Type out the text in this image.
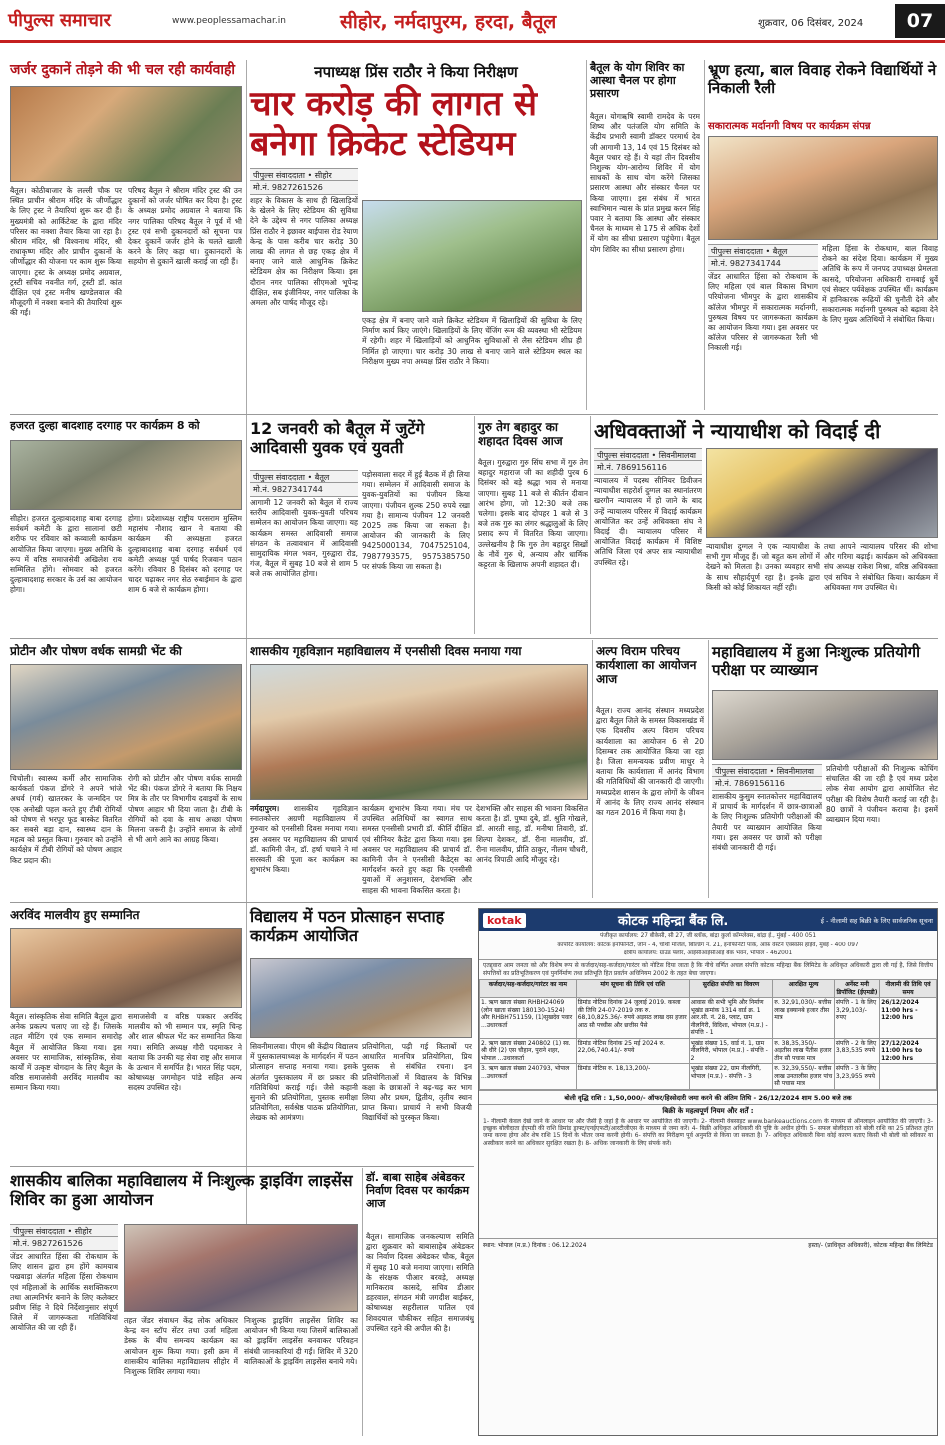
पीपुल्स समाचार	www.peoplessamachar.in	सीहोर, नर्मदापुरम, हरदा, बैतूल	शुक्रवार, 06 दिसंबर, 2024	07
जर्जर दुकानें तोड़ने की भी चल रही कार्यवाही
बैतूल। कोठीबाजार के लल्ली चौक पर स्थित प्राचीन श्रीराम मंदिर के जीर्णोद्धार के लिए ट्रस्ट ने तैयारियां शुरू कर दी हैं। मुख्यमंत्री को आर्किटेक्ट के द्वारा मंदिर परिसर का नक्शा तैयार किया जा रहा है। श्रीराम मंदिर, श्री विश्वनाथ मंदिर, श्री राधाकृष्ण मंदिर और प्राचीन दुकानों के जीर्णोद्धार की योजना पर काम शुरू किया जाएगा। ट्रस्ट के अध्यक्ष प्रमोद अग्रवाल, ट्रस्टी सचिव नवनीत गर्ग, ट्रस्टी डॉ. कांत दीक्षित एवं ट्रस्ट मनीष खण्डेलवाल की मौजूदगी में नक्शा बनाने की तैयारियां शुरू की गईं।
परिषद बैतूल ने श्रीराम मंदिर ट्रस्ट की उन दुकानों को जर्जर घोषित कर दिया है। ट्रस्ट के अध्यक्ष प्रमोद अग्रवाल ने बताया कि नगर पालिका परिषद बैतूल ने पूर्व में भी ट्रस्ट एवं सभी दुकानदारों को सूचना पत्र देकर दुकानें जर्जर होने के चलते खाली करने के लिए कहा था। दुकानदारों के सहयोग से दुकानें खाली कराई जा रही हैं।
नपाध्यक्ष प्रिंस राठौर ने किया निरीक्षण
चार करोड़ की लागत से बनेगा क्रिकेट स्टेडियम
पीपुल्स संवाददाता • सीहोर
मो.नं. 9827261526
शहर के विकास के साथ ही खिलाड़ियों के खेलने के लिए स्टेडियम की सुविधा देने के उद्देश्य से नगर पालिका अध्यक्ष प्रिंस राठौर ने इछावर बाईपास रोड रेयाण केन्द्र के पास करीब चार करोड़ 30 लाख की लागत से छह एकड़ क्षेत्र में बनाए जाने वाले आधुनिक क्रिकेट स्टेडियम क्षेत्र का निरीक्षण किया। इस दौरान नगर पालिका सीएमओ भूपेन्द्र दीक्षित, सब इंजीनियर, नगर पालिका के अमला और पार्षद मौजूद रहे।
एकड़ क्षेत्र में बनाए जाने वाले क्रिकेट स्टेडियम में खिलाड़ियों की सुविधा के लिए निर्माण कार्य किए जाएंगे। खिलाड़ियों के लिए चेंजिंग रूम की व्यवस्था भी स्टेडियम में रहेगी। शहर में खिलाड़ियों को आधुनिक सुविधाओं से लैस स्टेडियम शीघ्र ही निर्मित हो जाएगा। चार करोड़ 30 लाख से बनाए जाने वाले स्टेडियम स्थल का निरीक्षण मुख्य नपा अध्यक्ष प्रिंस राठौर ने किया।
बैतूल के योग शिविर का आस्था चैनल पर होगा प्रसारण
बैतूल। योगऋषि स्वामी रामदेव के परम शिष्य और पतंजलि योग समिति के केंद्रीय प्रभारी स्वामी डॉक्टर परमार्थ देव जी आगामी 13, 14 एवं 15 दिसंबर को बैतूल पधार रहे हैं। ये यहां तीन दिवसीय निशुल्क योग-आरोग्य शिविर में योग साधकों के साथ योग करेंगे जिसका प्रसारण आस्था और संस्कार चैनल पर किया जाएगा। इस संबंध में भारत स्वाभिमान न्यास के प्रांत प्रमुख करन सिंह पवार ने बताया कि आस्था और संस्कार चैनल के माध्यम से 175 से अधिक देशों में योग का सीधा प्रसारण पहुंचेगा। बैतूल योग शिविर का सीधा प्रसारण होगा।
भ्रूण हत्या, बाल विवाह रोकने विद्यार्थियों ने निकाली रैली
सकारात्मक मर्दानगी विषय पर कार्यक्रम संपन्न
पीपुल्स संवाददाता • बैतूल
मो.नं. 9827341744
जेंडर आधारित हिंसा को रोकथाम के लिए महिला एवं बाल विकास विभाग परियोजना भीमपुर के द्वारा शासकीय कॉलेज भीमपुर में सकारात्मक मर्दानगी, पुरुषत्व विषय पर जागरूकता कार्यक्रम का आयोजन किया गया। इस अवसर पर कॉलेज परिसर से जागरूकता रैली भी निकाली गई।
महिला हिंसा के रोकथाम, बाल विवाह रोकने का संदेश दिया। कार्यक्रम में मुख्य अतिथि के रूप में जनपद उपाध्यक्ष प्रेमलता कासदे, परियोजना अधिकारी रामबाई धुर्वे एवं सेक्टर पर्यवेक्षक उपस्थित थीं। कार्यक्रम में हानिकारक रूढ़ियों की चुनौती देने और सकारात्मक मर्दानगी पुरुषत्व को बढ़ावा देने के लिए मुख्य अतिथियों ने संबोधित किया।
हजरत दुल्हा बादशाह दरगाह पर कार्यक्रम 8 को
सीहोर। हजरत दुल्हाबादशाह बाबा दरगाह सर्वधर्म कमेटी के द्वारा सालानां छटी शरीफ पर रविवार को कव्वाली कार्यक्रम आयोजित किया जाएगा। मुख्य अतिथि के रूप में वरिष्ठ समाजसेवी अखिलेश राय सम्मिलित होंगे। सोमवार को हजरत दुल्हाबादशाह सरकार के उर्स का आयोजन होगा।
होगा। प्रदेशाध्यक्ष राष्ट्रीय परसराम मुस्लिम महासंघ नौशाद खान ने बताया की कार्यक्रम की अध्यक्षता हजरत दुल्हाबादशाह बाबा दरगाह सर्वधर्म एवं कमेटी अध्यक्ष पूर्व पार्षद रिजवान पठान करेंगे। रविवार 8 दिसंबर को दरगाह पर चादर चढ़ाकर नगर सेठ रुबाईमान के द्वारा शाम 6 बजे से कार्यक्रम होगा।
12 जनवरी को बैतूल में जुटेंगे आदिवासी युवक एवं युवती
पीपुल्स संवाददाता • बैतूल
मो.नं. 9827341744
आगामी 12 जनवरी को बैतूल में राज्य स्तरीय आदिवासी युवक-युवती परिचय सम्मेलन का आयोजन किया जाएगा। यह कार्यक्रम समस्त आदिवासी समाज संगठन के तत्वावधान में आदिवासी सामुदायिक मंगल भवन, गुरुद्वारा रोड, गंज, बैतूल में सुबह 10 बजे से शाम 5 बजे तक आयोजित होगा।
पड़ोसवाला सदर में हुई बैठक में ही लिया गया। सम्मेलन में आदिवासी समाज के युवक-युवतियों का पंजीयन किया जाएगा। पंजीयन शुल्क 250 रुपये रखा गया है। सामान्य पंजीयन 12 जनवरी 2025 तक किया जा सकता है। आयोजन की जानकारी के लिए 9425000134, 7047525104, 7987793575, 9575385750 पर संपर्क किया जा सकता है।
गुरु तेग बहादुर का शहादत दिवस आज
बैतूल। गुरुद्वारा गुरु सिंघ सभा में गुरु तेग बहादुर महाराज जी का शहीदी पुरब 6 दिसंबर को बड़े श्रद्धा भाव से मनाया जाएगा। सुबह 11 बजे से कीर्तन दीवान आरंभ होगा, जो 12:30 बजे तक चलेगा। इसके बाद दोपहर 1 बजे से 3 बजे तक गुरु का लंगर श्रद्धालुओं के लिए प्रसाद रूप में वितरित किया जाएगा। उल्लेखनीय है कि गुरु तेग बहादुर सिखों के नौवें गुरु थे, अन्याय और धार्मिक कट्टरता के खिलाफ अपनी शहादत दी।
अधिवक्ताओं ने न्यायाधीश को विदाई दी
पीपुल्स संवाददाता • सिवनीमालवा
मो.नं. 7869156116
न्यायालय में पदस्थ सीनियर डिवीजन न्यायाधीश सहरोर्श दुग्गल का स्थानांतरण खरगौन न्यायालय में हो जाने के बाद उन्हें न्यायालय परिसर में विदाई कार्यक्रम आयोजित कर उन्हें अधिवक्ता संघ ने विदाई दी। न्यायालय परिसर में आयोजित विदाई कार्यक्रम में विशिष्ट अतिथि जिला एवं अपर सत्र न्यायाधीश उपस्थित रहे।
न्यायाधीश दुग्गल ने एक न्यायाधीश के सभी गुण मौजूद हैं। जो बहुत कम लोगों में देखने को मिलता है। उनका व्यवहार सभी के साथ सौहार्दपूर्ण रहा है। इनके द्वारा किसी को कोई शिकायत नहीं रही।
तथा आपने न्यायालय परिसर की शोभा और गरिमा बढ़ाई। कार्यक्रम को अधिवक्ता संघ अध्यक्ष राकेश मिश्रा, वरिष्ठ अधिवक्ता एवं सचिव ने संबोधित किया। कार्यक्रम में अधिवक्ता गण उपस्थित थे।
प्रोटीन और पोषण वर्धक सामग्री भेंट की
चिचोली। स्वास्थ्य कर्मी और सामाजिक कार्यकर्ता पंकज डोंगरे ने अपने भांजे अथर्व (गर्व) खातरकर के जन्मदिन पर एक अनोखी पहल करते हुए टीबी रोगियों को पोषण से भरपूर फूड बास्केट वितरित कर सबसे बड़ा दान, स्वास्थ्य दान के महत्व को प्रस्तुत किया। गुरुवार को उन्होंने कार्यक्षेत्र में टीबी रोगियों को पोषण आहार किट प्रदान की।
रोगी को प्रोटीन और पोषण वर्धक सामग्री भेंट की। पंकज डोंगरे ने बताया कि निक्षय मित्र के तौर पर विभागीय दवाइयों के साथ पोषण आहार भी दिया जाता है। टीबी के रोगियों को दवा के साथ अच्छा पोषण मिलना जरूरी है। उन्होंने समाज के लोगों से भी आगे आने का आग्रह किया।
शासकीय गृहविज्ञान महाविद्यालय में एनसीसी दिवस मनाया गया
नर्मदापुरम। शासकीय गृहविज्ञान स्नातकोत्तर अग्रणी महाविद्यालय में गुरुवार को एनसीसी दिवस मनाया गया। इस अवसर पर महाविद्यालय की प्राचार्य डॉ. कामिनी जैन, डॉ. हर्षा चचाने ने मां सरस्वती की पूजा कर कार्यक्रम का शुभारंभ किया।
कार्यक्रम शुभारंभ किया गया। मंच पर उपस्थित अतिथियों का स्वागत साथ समस्त एनसीसी प्रभारी डॉ. कीर्ति दीक्षित एवं सीनियर कैडेट द्वारा किया गया। इस अवसर पर महाविद्यालय की प्राचार्य डॉ. कामिनी जैन ने एनसीसी कैडेट्स का मार्गदर्शन करते हुए कहा कि एनसीसी युवाओं में अनुशासन, देशभक्ति और साहस की भावना विकसित करता है।
देशभक्ति और साहस की भावना विकसित करता है। डॉ. पुष्पा दुबे, डॉ. श्रुति गोखले, डॉ. आरती साहू, डॉ. मनीषा तिवारी, डॉ. शिल्पा देशकर, डॉ. रीना मालवीय, डॉ. रीना मालवीय, प्रीति ठाकुर, नीलम चौधरी, आनंद त्रिपाठी आदि मौजूद रहे।
अल्प विराम परिचय कार्यशाला का आयोजन आज
बैतूल। राज्य आनंद संस्थान मध्यप्रदेश द्वारा बैतूल जिले के समस्त विकासखंड में एक दिवसीय अल्प विराम परिचय कार्यशाला का आयोजन 6 से 20 दिसम्बर तक आयोजित किया जा रहा है। जिला समन्वयक प्रवीण माथुर ने बताया कि कार्यशाला में आनंद विभाग की गतिविधियों की जानकारी दी जाएगी। मध्यप्रदेश शासन के द्वारा लोगों के जीवन में आनंद के लिए राज्य आनंद संस्थान का गठन 2016 में किया गया है।
महाविद्यालय में हुआ निःशुल्क प्रतियोगी परीक्षा पर व्याख्यान
पीपुल्स संवाददाता • सिवनीमालवा
मो.नं. 7869156116
शासकीय कुसुम स्नातकोत्तर महाविद्यालय में प्राचार्य के मार्गदर्शन में छात्र-छात्राओं के लिए निःशुल्क प्रतियोगी परीक्षाओं की तैयारी पर व्याख्यान आयोजित किया गया। इस अवसर पर छात्रों को परीक्षा संबंधी जानकारी दी गई।
प्रतियोगी परीक्षाओं की निःशुल्क कोचिंग संचालित की जा रही है एवं मध्य प्रदेश लोक सेवा आयोग द्वारा आयोजित सेट परीक्षा की विशेष तैयारी कराई जा रही है। 80 छात्रों ने पंजीयन कराया है। इसमें व्याख्यान दिया गया।
अरविंद मालवीय हुए सम्मानित
बैतूल। सांस्कृतिक सेवा समिति बैतूल द्वारा अनेक प्रकल्प चलाए जा रहे हैं। जिसके तहत मीटिंग एवं एक सम्मान समारोह बैतूल में आयोजित किया गया। इस अवसर पर सामाजिक, सांस्कृतिक, सेवा कार्यों में उत्कृष्ट योगदान के लिए बैतूल के वरिष्ठ समाजसेवी अरविंद मालवीय का सम्मान किया गया।
समाजसेवी व वरिष्ठ पत्रकार अरविंद मालवीय को भी सम्मान पत्र, स्मृति चिन्ह और शाल श्रीफल भेंट कर सम्मानित किया गया। समिति अध्यक्ष गौरी पदमाकर ने बताया कि उनकी यह सेवा राष्ट्र और समाज के उत्थान में समर्पित है। भारत सिंह पदम, कोषाध्यक्ष जगमोहन पांडे सहित अन्य सदस्य उपस्थित रहे।
विद्यालय में पठन प्रोत्साहन सप्ताह कार्यक्रम आयोजित
सिवनीमालवा। पीएम श्री केंद्रीय विद्यालय में पुस्तकालयाध्यक्ष के मार्गदर्शन में पठन प्रोत्साहन सप्ताह मनाया गया। इसके अंतर्गत पुस्तकालय में छः प्रकार की गतिविधियां कराई गई। जैसे कहानी सुनाने की प्रतियोगिता, पुस्तक समीक्षा प्रतियोगिता, सर्वश्रेष्ठ पाठक प्रतियोगिता, लेखक को आमंत्रण।
प्रतियोगिता, पढ़ी गई किताबों पर आधारित मानचित्र प्रतियोगिता, प्रिय पुस्तक से संबंधित रचना। इन प्रतियोगिताओं में विद्यालय के विभिन्न कक्षा के छात्राओं ने बढ़-चढ़ कर भाग लिया और प्रथम, द्वितीय, तृतीय स्थान प्राप्त किया। प्राचार्य ने सभी विजयी विद्यार्थियों को पुरस्कृत किया।
शासकीय बालिका महाविद्यालय में निःशुल्क ड्राइविंग लाइसेंस शिविर का हुआ आयोजन
पीपुल्स संवाददाता • सीहोर
मो.नं. 9827261526
जेंडर आधारित हिंसा की रोकथाम के लिए शासन द्वारा हम होंगे कामयाब पखवाड़ा अंतर्गत महिला हिंसा रोकथाम एवं महिलाओं के आर्थिक सशक्तिकरण तथा आत्मनिर्भर बनाने के लिए कलेक्टर प्रवीण सिंह ने दिये निर्देशानुसार संपूर्ण जिले में जागरूकता गतिविधियां आयोजित की जा रही हैं।
तहत जेंडर संवाधन केंद्र लोक अधिकार केन्द्र वन स्टॉप सेंटर तथा उर्जा महिला डेस्क के बीच समन्वय कार्यक्रम का आयोजन शुरू किया गया। इसी क्रम में शासकीय बालिका महाविद्यालय सीहोर में निःशुल्क शिविर लगाया गया।
निःशुल्क ड्राइविंग लाइसेंस शिविर का आयोजन भी किया गया जिसमें बालिकाओं को ड्राइविंग लाइसेंस बनवाकर परिवहन संबंधी जानकारियां दी गईं। शिविर में 320 बालिकाओं के ड्राइविंग लाइसेंस बनाये गये।
डॉ. बाबा साहेब अंबेडकर निर्वाण दिवस पर कार्यक्रम आज
बैतूल। सामाजिक जनकल्याण समिति द्वारा शुक्रवार को बाबासाहेब अंबेडकर का निर्वाण दिवस अंबेडकर चौक, बैतूल में सुबह 10 बजे मनाया जाएगा। समिति के संरक्षक पीआर बरवड़े, अध्यक्ष मानिकराव कासदे, सचिव डीआर डहरवाल, संगठन मंत्री जगदीश बाईकर, कोषाध्यक्ष सहरीलाल पातिल एवं शिवदयाल चौकीकर सहित समाजबंधु उपस्थित रहने की अपील की है।
kotak	कोटक महिन्द्रा बैंक लि.	ई - नीलामी सह बिक्री के लिए सार्वजनिक सूचना
पंजीकृत कार्यालय: 27 बीकेसी, सी 27, जी ब्लॉक, बांद्रा कुर्ला कॉम्प्लेक्स, बांद्रा ई., मुंबई - 400 051
कार्पोरेट कार्यालय: कोटक इनफिनिटी, जोन - 4, चौथी मंजिल, बिल्डिंग नं. 21, इनफिनिटी पार्क, ऑफ़ वेस्टर्न एक्सप्रेस हाईवे, मुंबई - 400 097
क्षेत्रीय कार्यालय: ग्राउंड फ्लोर, आईसीआईसीआई बैंक भवन, भोपाल - 462001
एतद्द्वारा आम जनता को और विशेष रूप से कर्जदार/सह-कर्जदार/गारंटर को नोटिस दिया जाता है कि नीचे वर्णित अचल संपत्ति कोटक महिन्द्रा बैंक लिमिटेड के अधिकृत अधिकारी द्वारा ली गई है, जिसे वित्तीय संपत्तियों का प्रतिभूतिकरण एवं पुनर्निर्माण तथा प्रतिभूति हित प्रवर्तन अधिनियम 2002 के तहत बेचा जाएगा।
कर्जदार/सह-कर्जदार/गारंटर का नाम	मांग सूचना की तिथि एवं राशि	सुरक्षित संपत्ति का विवरण	आरक्षित मूल्य	अर्नेस्ट मनी डिपॉजिट (ईएमडी)	नीलामी की तिथि एवं समय
1. ऋण खाता संख्या RHBH24069 (लोन खाता संख्या 180130-1524) और RHBH751159, (1)सुखदेव पवार ...उधारकर्ता	डिमांड नोटिस दिनांक 24 जुलाई 2019. कब्जा की तिथि 24-07-2019 तक रु. 68,10,825.36/- रुपये अड़सठ लाख दस हजार आठ सौ पच्चीस और छत्तीस पैसे	आवास की सभी भूमि और निर्माण भूखंड क्रमांक 1314 वार्ड क्र. 1 आर.सी. नं. 28, प्लाट, ग्राम नीलगिरी, विदिशा, भोपाल (म.प्र.) - संपत्ति - 1	रु. 32,91,030/- बत्तीस लाख इक्यानबे हजार तीस मात्र	संपत्ति - 1 के लिए 3,29,103/- रुपए	26/12/2024 11:00 hrs - 12:00 hrs
2. ऋण खाता संख्या 240802 (1) स्व. श्री धीरे (2) एस चौहान, पुराने शहर, भोपाल ...उधारकर्ता	डिमांड नोटिस दिनांक 25 मई 2024 रु. 22,06,740.41/- रुपये	भूखंड संख्या 15, वार्ड नं. 1, ग्राम नीलगिरी, भोपाल (म.प्र.) - संपत्ति - 2	रु. 38,35,350/- अड़तीस लाख पैंतीस हजार तीन सौ पचास मात्र	संपत्ति - 2 के लिए 3,83,535 रुपये	27/12/2024 11:00 hrs to 12:00 hrs
3. ऋण खाता संख्या 240793, भोपाल ...उधारकर्ता	डिमांड नोटिस रु. 18,13,200/-	भूखंड संख्या 22, ग्राम नीलगिरी, भोपाल (म.प्र.) - संपत्ति - 3	रु. 32,39,550/- बत्तीस लाख उनतालीस हजार पांच सौ पचास मात्र	संपत्ति - 3 के लिए 3,23,955 रुपये	
बोली वृद्धि राशि : 1,50,000/- ऑफर/हिस्सेदारी जमा करने की अंतिम तिथि - 26/12/2024 शाम 5.00 बजे तक
बिक्री के महत्वपूर्ण नियम और शर्तें :
1- नीलामी केवल देखे जाने के आधार पर और जैसी है जहां है के आधार पर आयोजित की जाएगी। 2- नीलामी वेबसाइट www.bankeauctions.com के माध्यम से ऑनलाइन आयोजित की जाएगी। 3- इच्छुक बोलीदाता ईएमडी की राशि डिमांड ड्राफ्ट/एनईएफटी/आरटीजीएस के माध्यम से जमा करें। 4- बिक्री अधिकृत अधिकारी की पुष्टि के अधीन होगी। 5- सफल बोलीदाता को बोली राशि का 25 प्रतिशत तुरंत जमा करना होगा और शेष राशि 15 दिनों के भीतर जमा करनी होगी। 6- संपत्ति का निरीक्षण पूर्व अनुमति से किया जा सकता है। 7- अधिकृत अधिकारी बिना कोई कारण बताए किसी भी बोली को स्वीकार या अस्वीकार करने का अधिकार सुरक्षित रखता है। 8- अधिक जानकारी के लिए संपर्क करें।
स्थान: भोपाल (म.प्र.) दिनांक : 06.12.2024	हस्ता/- (प्राधिकृत अधिकारी), कोटक महिन्द्रा बैंक लिमिटेड
